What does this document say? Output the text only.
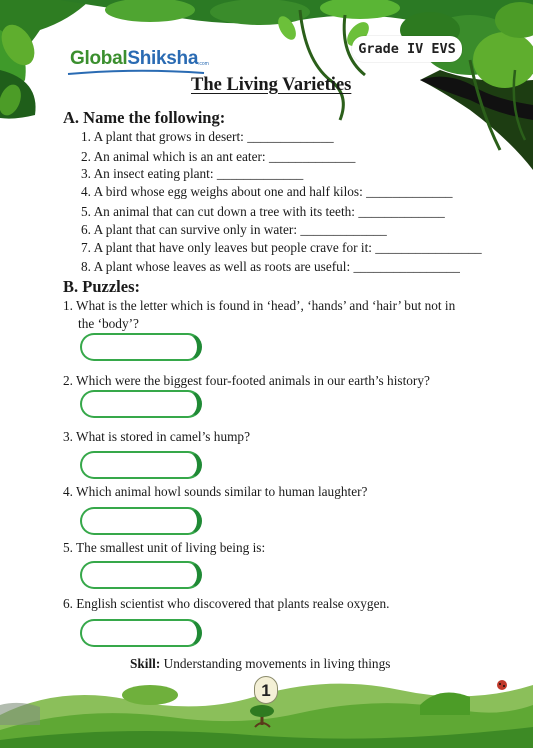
GlobalShiksha .com
Grade IV EVS
The Living Varieties
A. Name the following:
1. A plant that grows in desert: _____________
2. An animal which is an ant eater: _____________
3. An insect eating plant: _____________
4. A bird whose egg weighs about one and half kilos: _____________
5. An animal that can cut down a tree with its teeth: _____________
6. A plant that can survive only in water: _____________
7. A plant that have only leaves but people crave for it: ________________
8. A plant whose leaves as well as roots are useful: ________________
B. Puzzles:
1. What is the letter which is found in ‘head’, ‘hands’ and ‘hair’ but not in
the ‘body’?
2. Which were the biggest four-footed animals in our earth’s history?
3. What is stored in camel’s hump?
4. Which animal howl sounds similar to human laughter?
5. The smallest unit of living being is:
6. English scientist who discovered that plants realse oxygen.
Skill: Understanding movements in living things
1
